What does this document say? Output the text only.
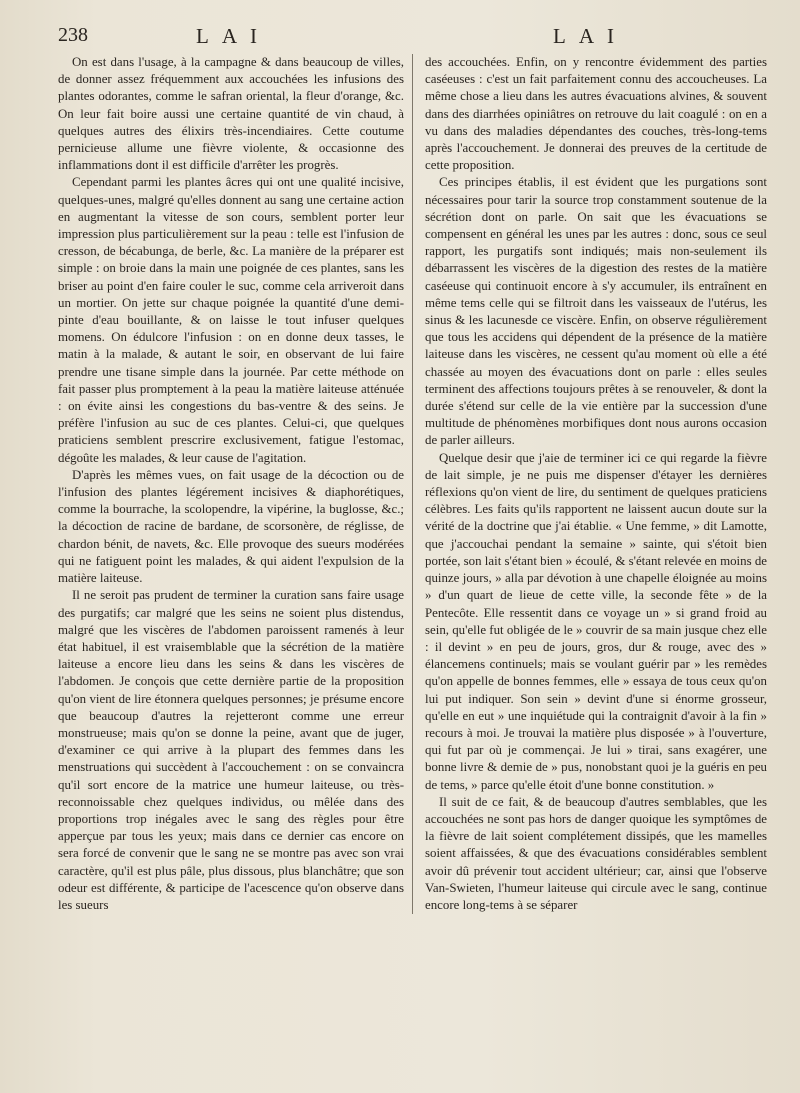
238	LAI	LAI

On est dans l'usage, à la campagne & dans beaucoup de villes, de donner assez fréquemment aux accouchées les infusions des plantes odorantes, comme le safran oriental, la fleur d'orange, &c. On leur fait boire aussi une certaine quantité de vin chaud, à quelques autres des élixirs très-incendiaires. Cette coutume pernicieuse allume une fièvre violente, & occasionne des inflammations dont il est difficile d'arrêter les progrès.

Cependant parmi les plantes âcres qui ont une qualité incisive, quelques-unes, malgré qu'elles donnent au sang une certaine action en augmentant la vitesse de son cours, semblent porter leur impression plus particulièrement sur la peau : telle est l'infusion de cresson, de bécabunga, de berle, &c. La manière de la préparer est simple : on broie dans la main une poignée de ces plantes, sans les briser au point d'en faire couler le suc, comme cela arriveroit dans un mortier. On jette sur chaque poignée la quantité d'une demi-pinte d'eau bouillante, & on laisse le tout infuser quelques momens. On édulcore l'infusion : on en donne deux tasses, le matin à la malade, & autant le soir, en observant de lui faire prendre une tisane simple dans la journée. Par cette méthode on fait passer plus promptement à la peau la matière laiteuse atténuée : on évite ainsi les congestions du bas-ventre & des seins. Je préfère l'infusion au suc de ces plantes. Celui-ci, que quelques praticiens semblent prescrire exclusivement, fatigue l'estomac, dégoûte les malades, & leur cause de l'agitation.

D'après les mêmes vues, on fait usage de la décoction ou de l'infusion des plantes légérement incisives & diaphorétiques, comme la bourrache, la scolopendre, la vipérine, la buglosse, &c.; la décoction de racine de bardane, de scorsonère, de réglisse, de chardon bénit, de navets, &c. Elle provoque des sueurs modérées qui ne fatiguent point les malades, & qui aident l'expulsion de la matière laiteuse.

Il ne seroit pas prudent de terminer la curation sans faire usage des purgatifs; car malgré que les seins ne soient plus distendus, malgré que les viscères de l'abdomen paroissent ramenés à leur état habituel, il est vraisemblable que la sécrétion de la matière laiteuse a encore lieu dans les seins & dans les viscères de l'abdomen. Je conçois que cette dernière partie de la proposition qu'on vient de lire étonnera quelques personnes; je présume encore que beaucoup d'autres la rejetteront comme une erreur monstrueuse; mais qu'on se donne la peine, avant que de juger, d'examiner ce qui arrive à la plupart des femmes dans les menstruations qui succèdent à l'accouchement : on se convaincra qu'il sort encore de la matrice une humeur laiteuse, ou très-reconnoissable chez quelques individus, ou mêlée dans des proportions trop inégales avec le sang des règles pour être apperçue par tous les yeux; mais dans ce dernier cas encore on sera forcé de convenir que le sang ne se montre pas avec son vrai caractère, qu'il est plus pâle, plus dissous, plus blanchâtre; que son odeur est différente, & participe de l'acescence qu'on observe dans les sueurs

des accouchées. Enfin, on y rencontre évidemment des parties caséeuses : c'est un fait parfaitement connu des accoucheuses. La même chose a lieu dans les autres évacuations alvines, & souvent dans des diarrhées opiniâtres on retrouve du lait coagulé : on en a vu dans des maladies dépendantes des couches, très-long-tems après l'accouchement. Je donnerai des preuves de la certitude de cette proposition.

Ces principes établis, il est évident que les purgations sont nécessaires pour tarir la source trop constamment soutenue de la sécrétion dont on parle. On sait que les évacuations se compensent en général les unes par les autres : donc, sous ce seul rapport, les purgatifs sont indiqués; mais non-seulement ils débarrassent les viscères de la digestion des restes de la matière caséeuse qui continuoit encore à s'y accumuler, ils entraînent en même tems celle qui se filtroit dans les vaisseaux de l'utérus, les sinus & les lacunesde ce viscère. Enfin, on observe régulièrement que tous les accidens qui dépendent de la présence de la matière laiteuse dans les viscères, ne cessent qu'au moment où elle a été chassée au moyen des évacuations dont on parle : elles seules terminent des affections toujours prêtes à se renouveler, & dont la durée s'étend sur celle de la vie entière par la succession d'une multitude de phénomènes morbifiques dont nous aurons occasion de parler ailleurs.

Quelque desir que j'aie de terminer ici ce qui regarde la fièvre de lait simple, je ne puis me dispenser d'étayer les dernières réflexions qu'on vient de lire, du sentiment de quelques praticiens célèbres. Les faits qu'ils rapportent ne laissent aucun doute sur la vérité de la doctrine que j'ai établie. « Une femme, » dit Lamotte, que j'accouchai pendant la semaine » sainte, qui s'étoit bien portée, son lait s'étant bien » écoulé, & s'étant relevée en moins de quinze jours, » alla par dévotion à une chapelle éloignée au moins » d'un quart de lieue de cette ville, la seconde fête » de la Pentecôte. Elle ressentit dans ce voyage un » si grand froid au sein, qu'elle fut obligée de le » couvrir de sa main jusque chez elle : il devint » en peu de jours, gros, dur & rouge, avec des » élancemens continuels; mais se voulant guérir par » les remèdes qu'on appelle de bonnes femmes, elle » essaya de tous ceux qu'on lui put indiquer. Son sein » devint d'une si énorme grosseur, qu'elle en eut » une inquiétude qui la contraignit d'avoir à la fin » recours à moi. Je trouvai la matière plus disposée » à l'ouverture, qui fut par où je commençai. Je lui » tirai, sans exagérer, une bonne livre & demie de » pus, nonobstant quoi je la guéris en peu de tems, » parce qu'elle étoit d'une bonne constitution. »

Il suit de ce fait, & de beaucoup d'autres semblables, que les accouchées ne sont pas hors de danger quoique les symptômes de la fièvre de lait soient complétement dissipés, que les mamelles soient affaissées, & que des évacuations considérables semblent avoir dû prévenir tout accident ultérieur; car, ainsi que l'observe Van-Swieten, l'humeur laiteuse qui circule avec le sang, continue encore long-tems à se séparer
